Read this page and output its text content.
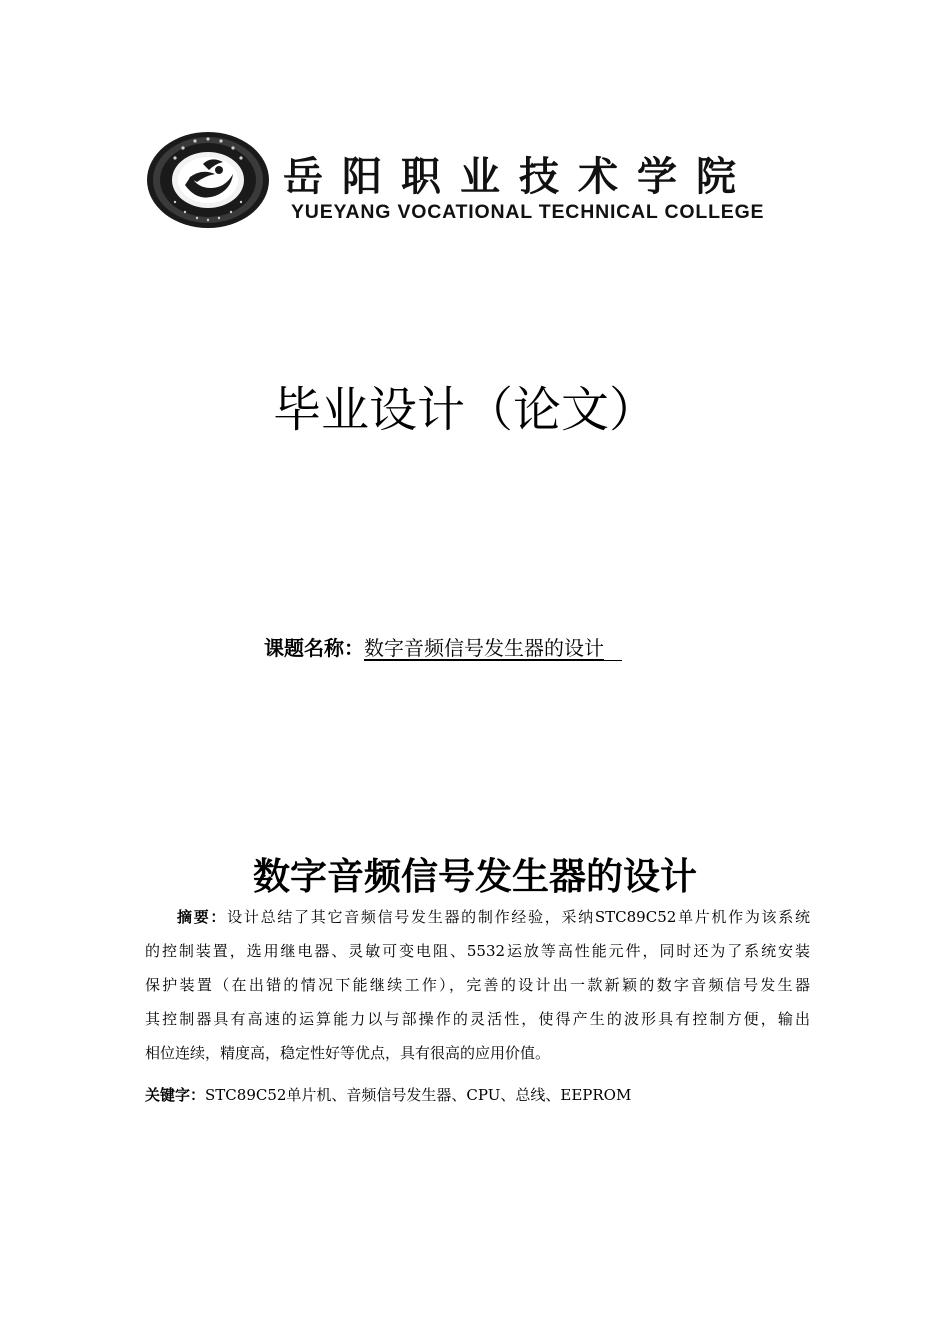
岳阳职业技术学院
YUEYANG VOCATIONAL TECHNICAL COLLEGE
毕业设计（论文）
课题名称：数字音频信号发生器的设计
数字音频信号发生器的设计
摘要：设计总结了其它音频信号发生器的制作经验，采纳STC89C52单片机作为该系统
的控制装置，选用继电器、灵敏可变电阻、5532运放等高性能元件，同时还为了系统安装
保护装置（在出错的情况下能继续工作），完善的设计出一款新颖的数字音频信号发生器
其控制器具有高速的运算能力以与部操作的灵活性，使得产生的波形具有控制方便，输出
相位连续，精度高，稳定性好等优点，具有很高的应用价值。
关键字：STC89C52单片机、音频信号发生器、CPU、总线、EEPROM
